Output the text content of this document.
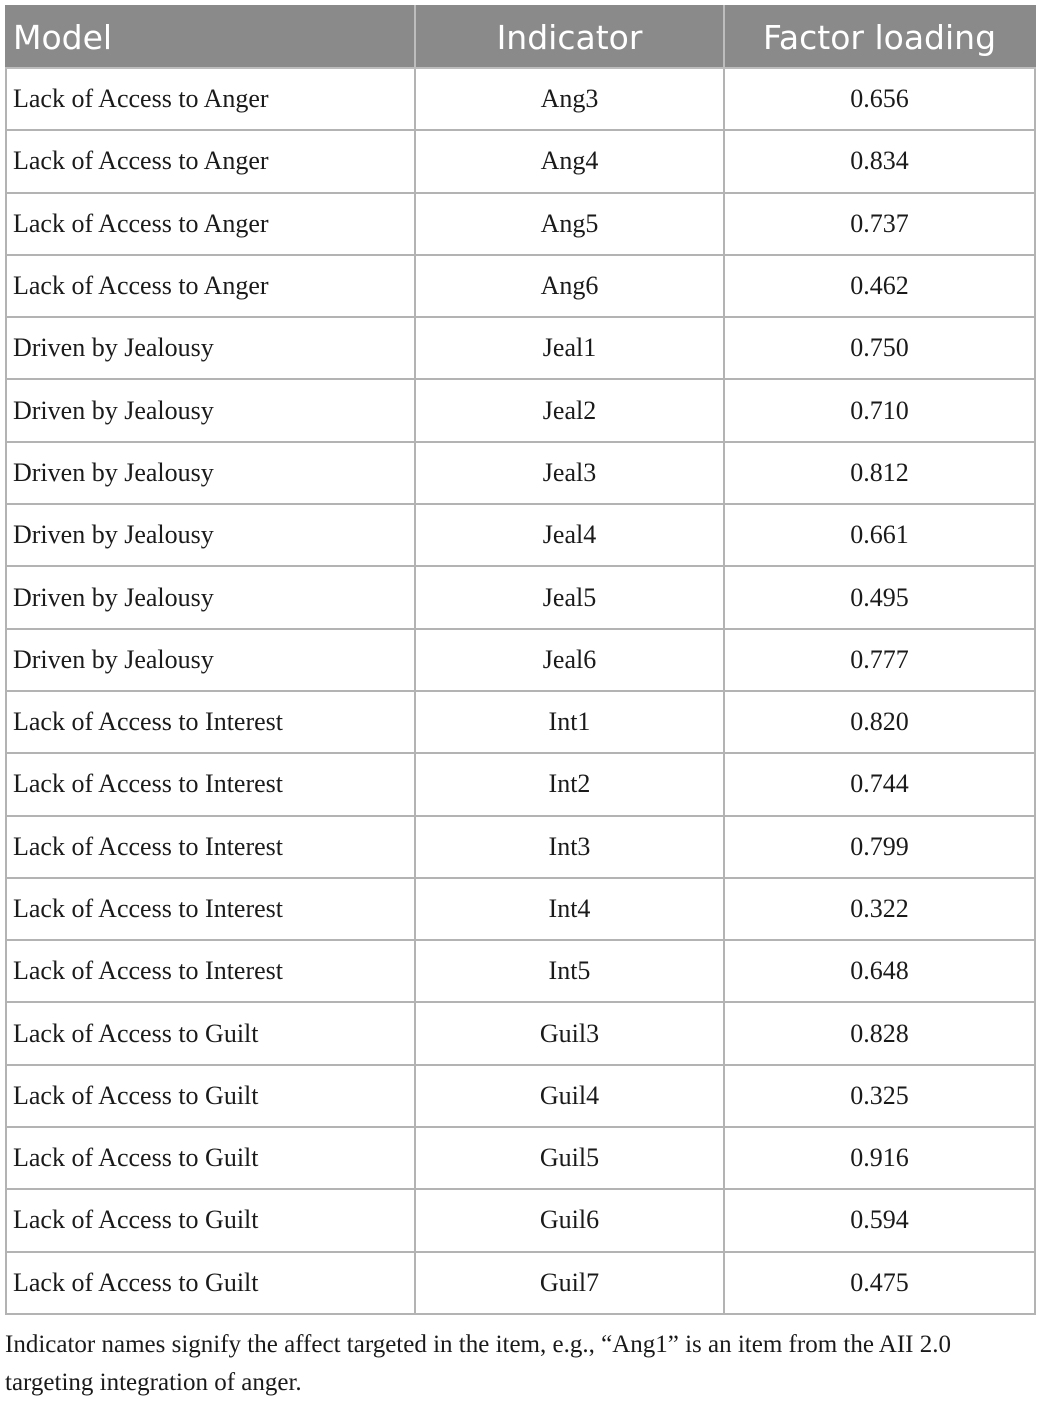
Model	Indicator	Factor loading
Lack of Access to Anger	Ang3	0.656
Lack of Access to Anger	Ang4	0.834
Lack of Access to Anger	Ang5	0.737
Lack of Access to Anger	Ang6	0.462
Driven by Jealousy	Jeal1	0.750
Driven by Jealousy	Jeal2	0.710
Driven by Jealousy	Jeal3	0.812
Driven by Jealousy	Jeal4	0.661
Driven by Jealousy	Jeal5	0.495
Driven by Jealousy	Jeal6	0.777
Lack of Access to Interest	Int1	0.820
Lack of Access to Interest	Int2	0.744
Lack of Access to Interest	Int3	0.799
Lack of Access to Interest	Int4	0.322
Lack of Access to Interest	Int5	0.648
Lack of Access to Guilt	Guil3	0.828
Lack of Access to Guilt	Guil4	0.325
Lack of Access to Guilt	Guil5	0.916
Lack of Access to Guilt	Guil6	0.594
Lack of Access to Guilt	Guil7	0.475
Indicator names signify the affect targeted in the item, e.g., “Ang1” is an item from the AII 2.0 targeting integration of anger.
